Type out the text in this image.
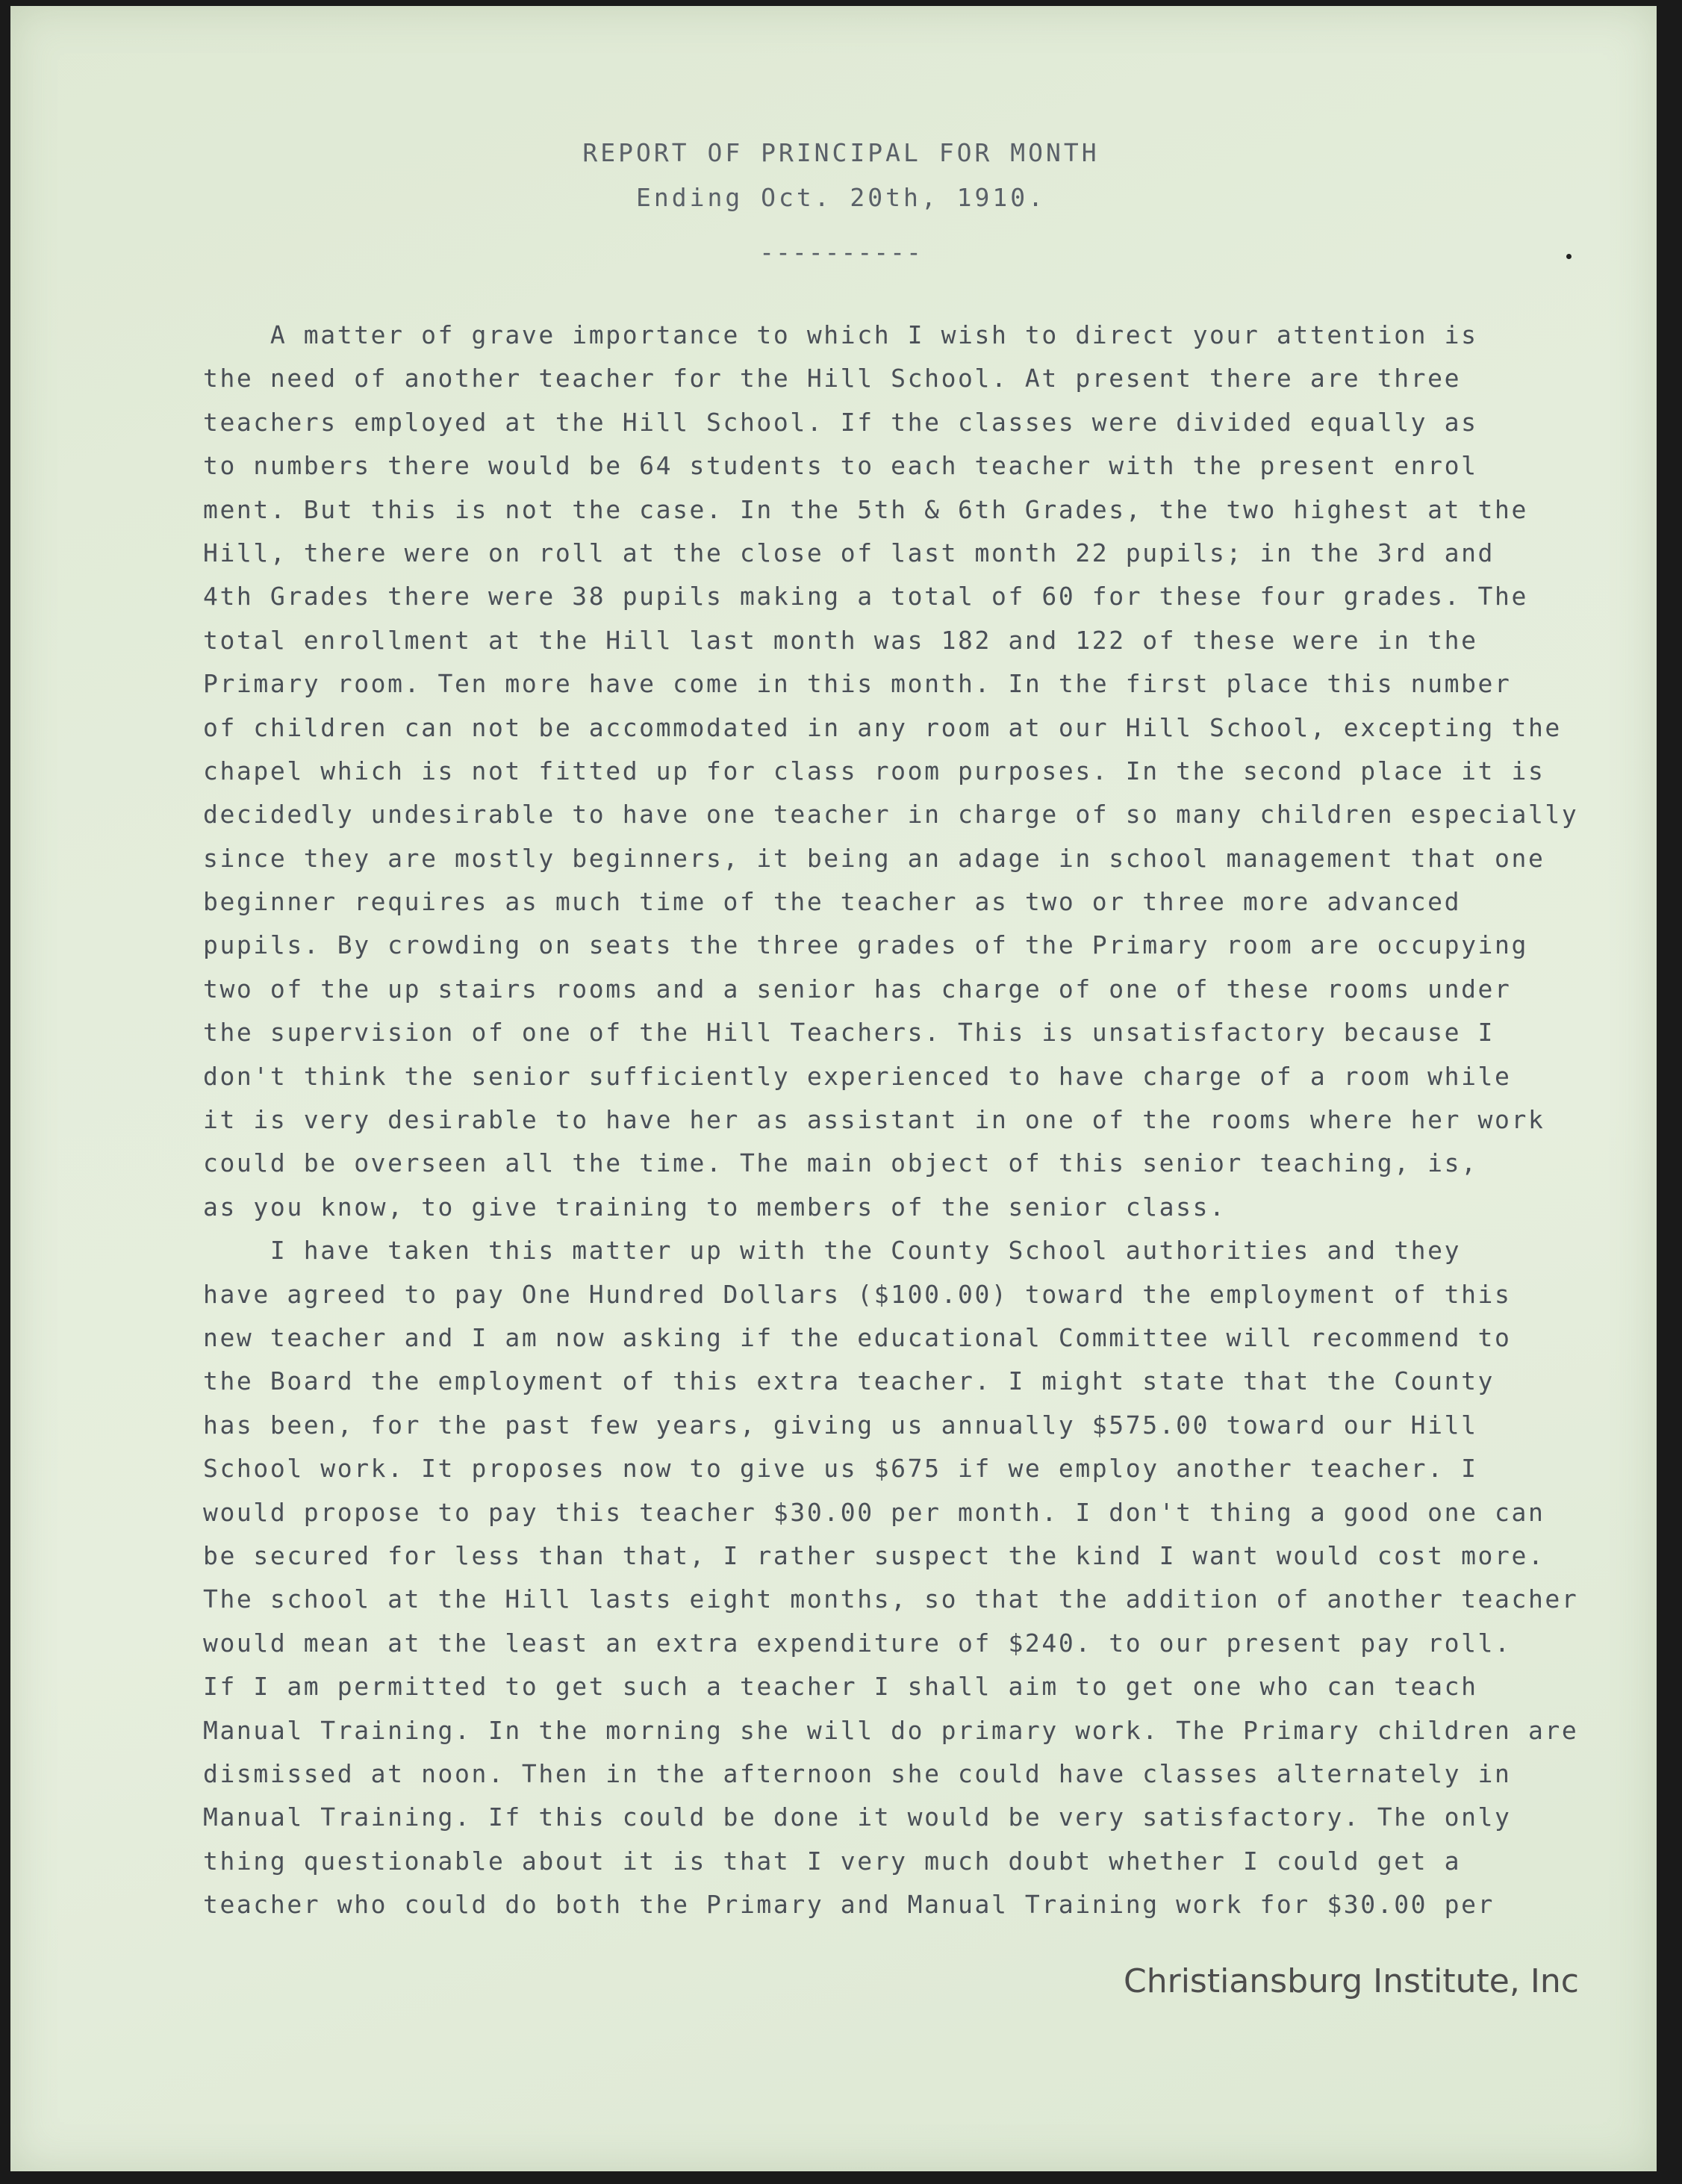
REPORT OF PRINCIPAL FOR MONTH
Ending Oct. 20th, 1910.
----------
A matter of grave importance to which I wish to direct your attention is
the need of another teacher for the Hill School. At present there are three
teachers employed at the Hill School. If the classes were divided equally as
to numbers there would be 64 students to each teacher with the present enrol
ment. But this is not the case. In the 5th & 6th Grades, the two highest at the
Hill, there were on roll at the close of last month 22 pupils; in the 3rd and
4th Grades there were 38 pupils making a total of 60 for these four grades. The
total enrollment at the Hill last month was 182 and 122 of these were in the
Primary room. Ten more have come in this month. In the first place this number
of children can not be accommodated in any room at our Hill School, excepting the
chapel which is not fitted up for class room purposes. In the second place it is
decidedly undesirable to have one teacher in charge of so many children especially
since they are mostly beginners, it being an adage in school management that one
beginner requires as much time of the teacher as two or three more advanced
pupils. By crowding on seats the three grades of the Primary room are occupying
two of the up stairs rooms and a senior has charge of one of these rooms under
the supervision of one of the Hill Teachers. This is unsatisfactory because I
don't think the senior sufficiently experienced to have charge of a room while
it is very desirable to have her as assistant in one of the rooms where her work
could be overseen all the time. The main object of this senior teaching, is,
as you know, to give training to members of the senior class.
I have taken this matter up with the County School authorities and they
have agreed to pay One Hundred Dollars ($100.00) toward the employment of this
new teacher and I am now asking if the educational Committee will recommend to
the Board the employment of this extra teacher. I might state that the County
has been, for the past few years, giving us annually $575.00 toward our Hill
School work. It proposes now to give us $675 if we employ another teacher. I
would propose to pay this teacher $30.00 per month. I don't thing a good one can
be secured for less than that, I rather suspect the kind I want would cost more.
The school at the Hill lasts eight months, so that the addition of another teacher
would mean at the least an extra expenditure of $240. to our present pay roll.
If I am permitted to get such a teacher I shall aim to get one who can teach
Manual Training. In the morning she will do primary work. The Primary children are
dismissed at noon. Then in the afternoon she could have classes alternately in
Manual Training. If this could be done it would be very satisfactory. The only
thing questionable about it is that I very much doubt whether I could get a
teacher who could do both the Primary and Manual Training work for $30.00 per
Christiansburg Institute, Inc
